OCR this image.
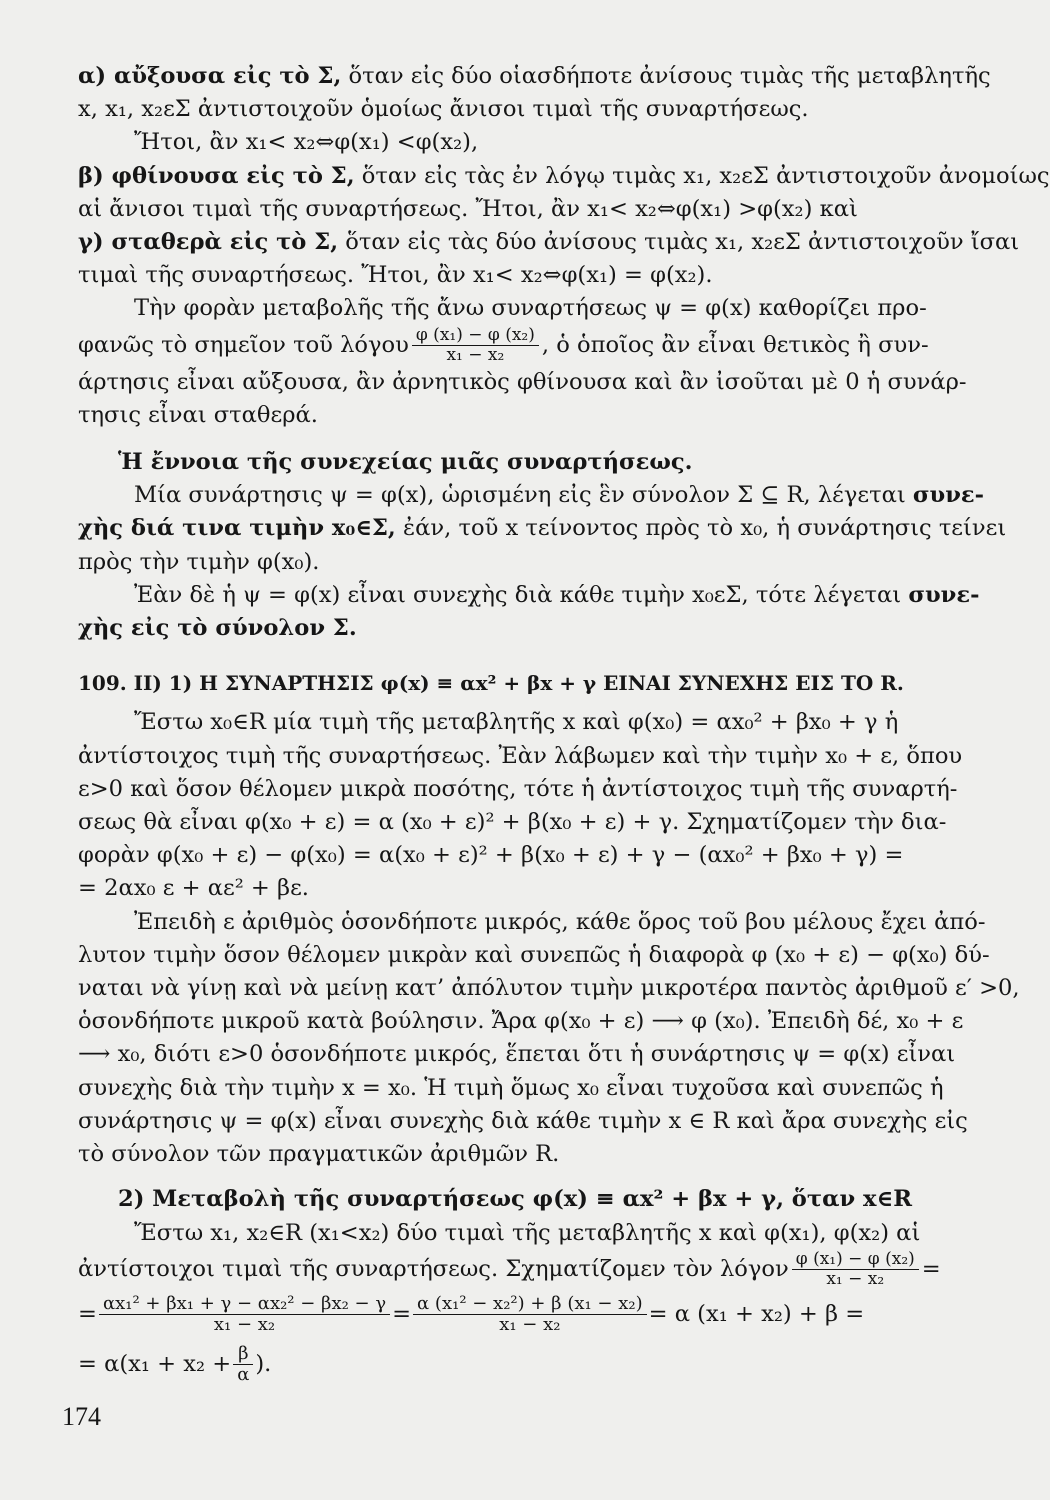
α) αὔξουσα εἰς τὸ Σ, ὅταν εἰς δύο οἱασδήποτε ἀνίσους τιμὰς τῆς μεταβλητῆς
x, x₁, x₂εΣ ἀντιστοιχοῦν ὁμοίως ἄνισοι τιμαὶ τῆς συναρτήσεως.
Ἤτοι, ἂν x₁< x₂⇔φ(x₁) <φ(x₂),
β) φθίνουσα εἰς τὸ Σ, ὅταν εἰς τὰς ἐν λόγῳ τιμὰς x₁, x₂εΣ ἀντιστοιχοῦν ἀνομοίως
αἱ ἄνισοι τιμαὶ τῆς συναρτήσεως. Ἤτοι, ἂν x₁< x₂⇔φ(x₁) >φ(x₂) καὶ
γ) σταθερὰ εἰς τὸ Σ, ὅταν εἰς τὰς δύο ἀνίσους τιμὰς x₁, x₂εΣ ἀντιστοιχοῦν ἴσαι
τιμαὶ τῆς συναρτήσεως. Ἤτοι, ἂν x₁< x₂⇔φ(x₁) = φ(x₂).
Τὴν φορὰν μεταβολῆς τῆς ἄνω συναρτήσεως ψ = φ(x) καθορίζει προ-
φανῶς τὸ σημεῖον τοῦ λόγου $\frac{\text{φ (x₁) − φ (x₂)}}{\text{x₁ − x₂}}$ , ὁ ὁποῖος ἂν εἶναι θετικὸς ἢ συν-
άρτησις εἶναι αὔξουσα, ἂν ἀρνητικὸς φθίνουσα καὶ ἂν ἰσοῦται μὲ 0 ἡ συνάρ-
τησις εἶναι σταθερά.
Ἡ ἔννοια τῆς συνεχείας μιᾶς συναρτήσεως.
Μία συνάρτησις ψ = φ(x), ὡρισμένη εἰς ἓν σύνολον Σ ⊆ R, λέγεται συνε-
χὴς διά τινα τιμὴν x₀∈Σ, ἐάν, τοῦ x τείνοντος πρὸς τὸ x₀, ἡ συνάρτησις τείνει
πρὸς τὴν τιμὴν φ(x₀).
Ἐὰν δὲ ἡ ψ = φ(x) εἶναι συνεχὴς διὰ κάθε τιμὴν x₀εΣ, τότε λέγεται συνε-
χὴς εἰς τὸ σύνολον Σ.
109. II) 1) Η ΣΥΝΑΡΤΗΣΙΣ φ(x) ≡ αx² + βx + γ ΕΙΝΑΙ ΣΥΝΕΧΗΣ ΕΙΣ ΤΟ R.
Ἔστω x₀∈R μία τιμὴ τῆς μεταβλητῆς x καὶ φ(x₀) = αx₀² + βx₀ + γ ἡ
ἀντίστοιχος τιμὴ τῆς συναρτήσεως. Ἐὰν λάβωμεν καὶ τὴν τιμὴν x₀ + ε, ὅπου
ε>0 καὶ ὅσον θέλομεν μικρὰ ποσότης, τότε ἡ ἀντίστοιχος τιμὴ τῆς συναρτή-
σεως θὰ εἶναι φ(x₀ + ε) = α (x₀ + ε)² + β(x₀ + ε) + γ. Σχηματίζομεν τὴν δια-
φορὰν φ(x₀ + ε) − φ(x₀) = α(x₀ + ε)² + β(x₀ + ε) + γ − (αx₀² + βx₀ + γ) =
= 2αx₀ ε + αε² + βε.
Ἐπειδὴ ε ἀριθμὸς ὁσονδήποτε μικρός, κάθε ὅρος τοῦ βου μέλους ἔχει ἀπό-
λυτον τιμὴν ὅσον θέλομεν μικρὰν καὶ συνεπῶς ἡ διαφορὰ φ (x₀ + ε) − φ(x₀) δύ-
ναται νὰ γίνῃ καὶ νὰ μείνῃ κατ’ ἀπόλυτον τιμὴν μικροτέρα παντὸς ἀριθμοῦ ε′ >0,
ὁσονδήποτε μικροῦ κατὰ βούλησιν. Ἄρα φ(x₀ + ε) ⟶ φ (x₀). Ἐπειδὴ δέ, x₀ + ε
⟶ x₀, διότι ε>0 ὁσονδήποτε μικρός, ἕπεται ὅτι ἡ συνάρτησις ψ = φ(x) εἶναι
συνεχὴς διὰ τὴν τιμὴν x = x₀. Ἡ τιμὴ ὅμως x₀ εἶναι τυχοῦσα καὶ συνεπῶς ἡ
συνάρτησις ψ = φ(x) εἶναι συνεχὴς διὰ κάθε τιμὴν x ∈ R καὶ ἄρα συνεχὴς εἰς
τὸ σύνολον τῶν πραγματικῶν ἀριθμῶν R.
2) Μεταβολὴ τῆς συναρτήσεως φ(x) ≡ αx² + βx + γ, ὅταν x∈R
Ἔστω x₁, x₂∈R (x₁<x₂) δύο τιμαὶ τῆς μεταβλητῆς x καὶ φ(x₁), φ(x₂) αἱ
ἀντίστοιχοι τιμαὶ τῆς συναρτήσεως. Σχηματίζομεν τὸν λόγον $\frac{\text{φ (x₁) − φ (x₂)}}{\text{x₁ − x₂}}$ =
= $\frac{\text{αx₁² + βx₁ + γ − αx₂² − βx₂ − γ}}{\text{x₁ − x₂}} = \frac{\text{α (x₁² − x₂²) + β (x₁ − x₂)}}{\text{x₁ − x₂}} = \alpha$ (x₁ + x₂) + β =
= $\alpha(x_1 + x_2 + \frac{\beta}{\alpha}$ ).
174
